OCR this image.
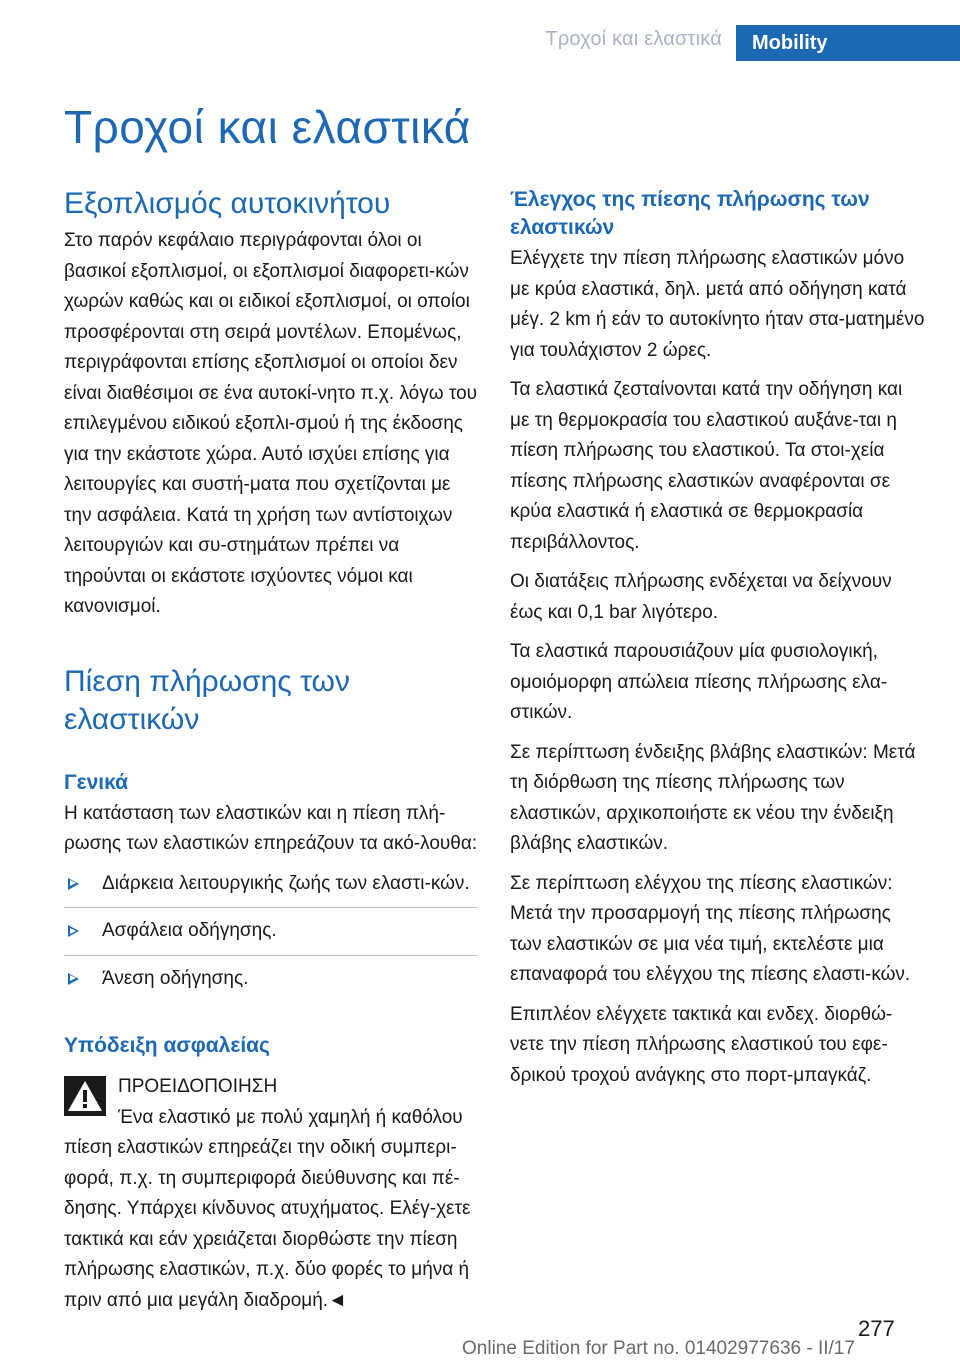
Τροχοί και ελαστικά	Mobility
Τροχοί και ελαστικά
Εξοπλισμός αυτοκινήτου

Στο παρόν κεφάλαιο περιγράφονται όλοι οι βασικοί εξοπλισμοί, οι εξοπλισμοί διαφορετι-κών χωρών καθώς και οι ειδικοί εξοπλισμοί, οι οποίοι προσφέρονται στη σειρά μοντέλων. Επομένως, περιγράφονται επίσης εξοπλισμοί οι οποίοι δεν είναι διαθέσιμοι σε ένα αυτοκί-νητο π.χ. λόγω του επιλεγμένου ειδικού εξοπλι-σμού ή της έκδοσης για την εκάστοτε χώρα. Αυτό ισχύει επίσης για λειτουργίες και συστή-ματα που σχετίζονται με την ασφάλεια. Κατά τη χρήση των αντίστοιχων λειτουργιών και συ-στημάτων πρέπει να τηρούνται οι εκάστοτε ισχύοντες νόμοι και κανονισμοί.

Πίεση πλήρωσης των ελαστικών
Γενικά

Η κατάσταση των ελαστικών και η πίεση πλή-ρωσης των ελαστικών επηρεάζουν τα ακό-λουθα:

Διάρκεια λειτουργικής ζωής των ελαστι-κών.
Ασφάλεια οδήγησης.
Άνεση οδήγησης.
Υπόδειξη ασφαλείας
ΠΡΟΕΙΔΟΠΟΙΗΣΗ

Ένα ελαστικό με πολύ χαμηλή ή καθόλου πίεση ελαστικών επηρεάζει την οδική συμπερι-φορά, π.χ. τη συμπεριφορά διεύθυνσης και πέ-δησης. Υπάρχει κίνδυνος ατυχήματος. Ελέγ-χετε τακτικά και εάν χρειάζεται διορθώστε την πίεση πλήρωσης ελαστικών, π.χ. δύο φορές το μήνα ή πριν από μια μεγάλη διαδρομή.◄

Έλεγχος της πίεσης πλήρωσης των ελαστικών

Ελέγχετε την πίεση πλήρωσης ελαστικών μόνο με κρύα ελαστικά, δηλ. μετά από οδήγηση κατά μέγ. 2 km ή εάν το αυτοκίνητο ήταν στα-ματημένο για τουλάχιστον 2 ώρες.

Τα ελαστικά ζεσταίνονται κατά την οδήγηση και με τη θερμοκρασία του ελαστικού αυξάνε-ται η πίεση πλήρωσης του ελαστικού. Τα στοι-χεία πίεσης πλήρωσης ελαστικών αναφέρονται σε κρύα ελαστικά ή ελαστικά σε θερμοκρασία περιβάλλοντος.

Οι διατάξεις πλήρωσης ενδέχεται να δείχνουν έως και 0,1 bar λιγότερο.

Τα ελαστικά παρουσιάζουν μία φυσιολογική, ομοιόμορφη απώλεια πίεσης πλήρωσης ελα-στικών.

Σε περίπτωση ένδειξης βλάβης ελαστικών: Μετά τη διόρθωση της πίεσης πλήρωσης των ελαστικών, αρχικοποιήστε εκ νέου την ένδειξη βλάβης ελαστικών.

Σε περίπτωση ελέγχου της πίεσης ελαστικών: Μετά την προσαρμογή της πίεσης πλήρωσης των ελαστικών σε μια νέα τιμή, εκτελέστε μια επαναφορά του ελέγχου της πίεσης ελαστι-κών.

Επιπλέον ελέγχετε τακτικά και ενδεχ. διορθώ-νετε την πίεση πλήρωσης ελαστικού του εφε-δρικού τροχού ανάγκης στο πορτ-μπαγκάζ.

277
Online Edition for Part no. 01402977636 - II/17
